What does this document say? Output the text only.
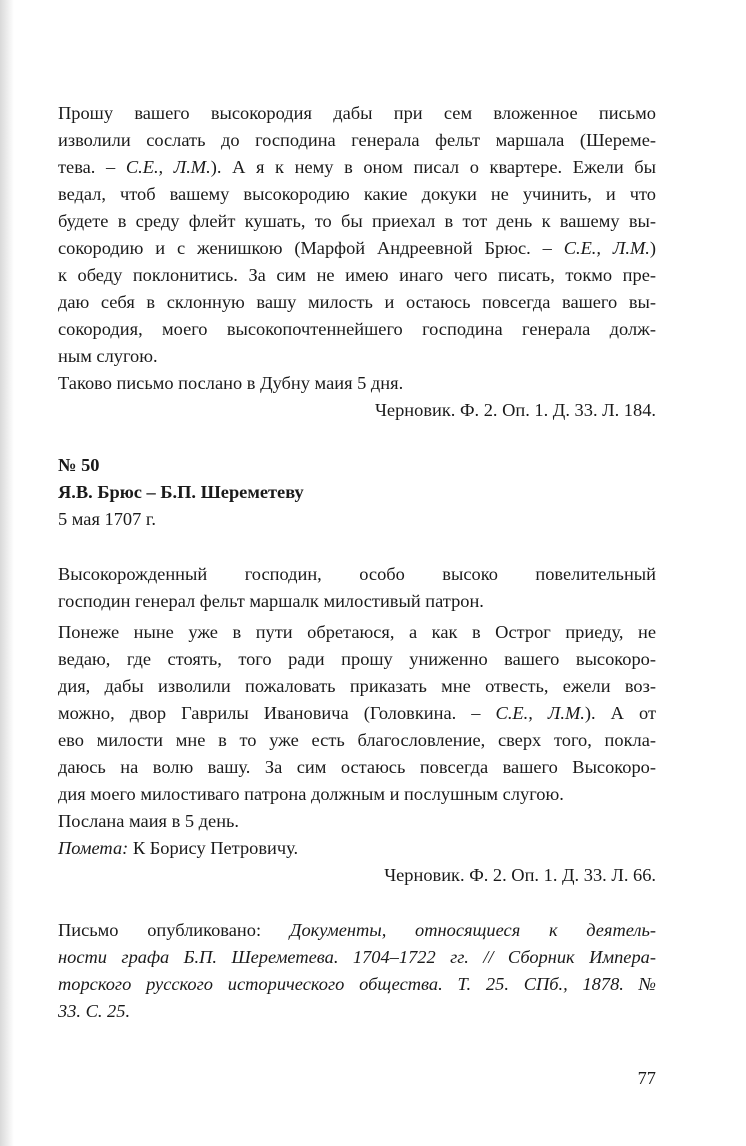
Прошу вашего высокородия дабы при сем вложенное письмо
изволили сослать до господина генерала фельт маршала (Шереме-
тева. – С.Е., Л.М.). А я к нему в оном писал о квартере. Ежели бы
ведал, чтоб вашему высокородию какие докуки не учинить, и что
будете в среду флейт кушать, то бы приехал в тот день к вашему вы-
сокородию и с женишкою (Марфой Андреевной Брюс. – С.Е., Л.М.)
к обеду поклонитись. За сим не имею инаго чего писать, токмо пре-
даю себя в склонную вашу милость и остаюсь повсегда вашего вы-
сокородия, моего высокопочтеннейшего господина генерала долж-
ным слугою.
Таково письмо послано в Дубну маия 5 дня.

Черновик. Ф. 2. Оп. 1. Д. 33. Л. 184.

№ 50
Я.В. Брюс – Б.П. Шереметеву
5 мая 1707 г.
Высокорожденный господин, особо высоко повелительный
господин генерал фельт маршалк милостивый патрон.
Понеже ныне уже в пути обретаюся, а как в Острог приеду, не
ведаю, где стоять, того ради прошу униженно вашего высокоро-
дия, дабы изволили пожаловать приказать мне отвесть, ежели воз-
можно, двор Гаврилы Ивановича (Головкина. – С.Е., Л.М.). А от
ево милости мне в то уже есть благословление, сверх того, покла-
даюсь на волю вашу. За сим остаюсь повсегда вашего Высокоро-
дия моего милостиваго патрона должным и послушным слугою.
Послана маия в 5 день.
Помета: К Борису Петровичу.

Черновик. Ф. 2. Оп. 1. Д. 33. Л. 66.

Письмо опубликовано: Документы, относящиеся к деятель-
ности графа Б.П. Шереметева. 1704–1722 гг. // Сборник Импера-
торского русского исторического общества. Т. 25. СПб., 1878. №
33. С. 25.
77
